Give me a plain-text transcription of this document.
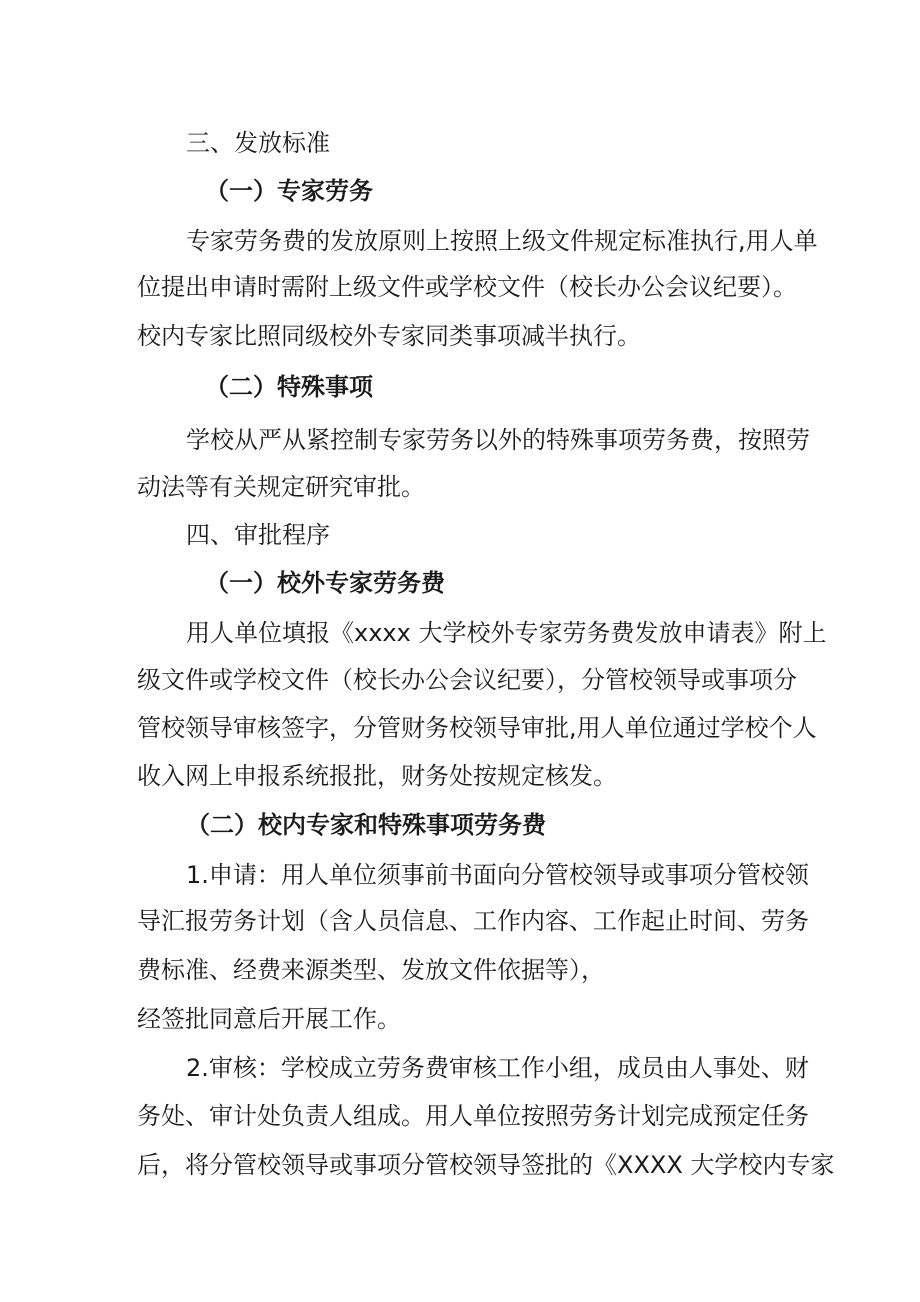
三、发放标准
（一）专家劳务
专家劳务费的发放原则上按照上级文件规定标准执行,用人单
位提出申请时需附上级文件或学校文件（校长办公会议纪要）。
校内专家比照同级校外专家同类事项减半执行。
（二）特殊事项
学校从严从紧控制专家劳务以外的特殊事项劳务费，按照劳
动法等有关规定研究审批。
四、审批程序
（一）校外专家劳务费
用人单位填报《xxxx 大学校外专家劳务费发放申请表》附上
级文件或学校文件（校长办公会议纪要），分管校领导或事项分
管校领导审核签字，分管财务校领导审批,用人单位通过学校个人
收入网上申报系统报批，财务处按规定核发。
（二）校内专家和特殊事项劳务费
1.申请：用人单位须事前书面向分管校领导或事项分管校领
导汇报劳务计划（含人员信息、工作内容、工作起止时间、劳务
费标准、经费来源类型、发放文件依据等），
经签批同意后开展工作。
2.审核：学校成立劳务费审核工作小组，成员由人事处、财
务处、审计处负责人组成。用人单位按照劳务计划完成预定任务
后，将分管校领导或事项分管校领导签批的《XXXX 大学校内专家
